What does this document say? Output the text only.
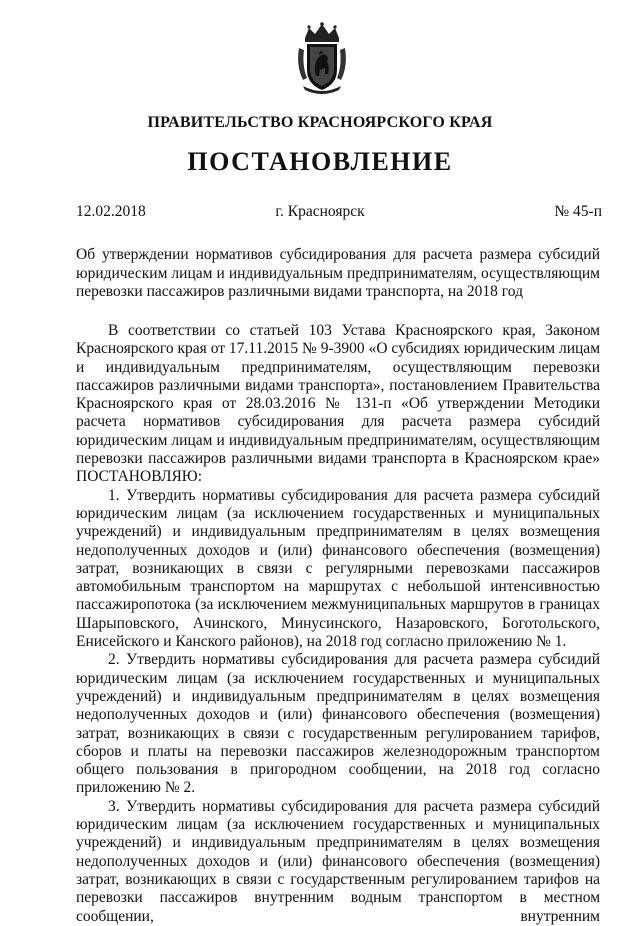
ПРАВИТЕЛЬСТВО КРАСНОЯРСКОГО КРАЯ
ПОСТАНОВЛЕНИЕ
12.02.2018	г. Красноярск	№ 45-п
Об утверждении нормативов субсидирования для расчета размера субсидий юридическим лицам и индивидуальным предпринимателям, осуществляющим перевозки пассажиров различными видами транспорта, на 2018 год

В соответствии со статьей 103 Устава Красноярского края, Законом Красноярского края от 17.11.2015 № 9-3900 «О субсидиях юридическим лицам и индивидуальным предпринимателям, осуществляющим перевозки пассажиров различными видами транспорта», постановлением Правительства Красноярского края от 28.03.2016 № 131-п «Об утверждении Методики расчета нормативов субсидирования для расчета размера субсидий юридическим лицам и индивидуальным предпринимателям, осуществляющим перевозки пассажиров различными видами транспорта в Красноярском крае» ПОСТАНОВЛЯЮ:

1. Утвердить нормативы субсидирования для расчета размера субсидий юридическим лицам (за исключением государственных и муниципальных учреждений) и индивидуальным предпринимателям в целях возмещения недополученных доходов и (или) финансового обеспечения (возмещения) затрат, возникающих в связи с регулярными перевозками пассажиров автомобильным транспортом на маршрутах с небольшой интенсивностью пассажиропотока (за исключением межмуниципальных маршрутов в границах Шарыповского, Ачинского, Минусинского, Назаровского, Боготольского, Енисейского и Канского районов), на 2018 год согласно приложению № 1.

2. Утвердить нормативы субсидирования для расчета размера субсидий юридическим лицам (за исключением государственных и муниципальных учреждений) и индивидуальным предпринимателям в целях возмещения недополученных доходов и (или) финансового обеспечения (возмещения) затрат, возникающих в связи с государственным регулированием тарифов, сборов и платы на перевозки пассажиров железнодорожным транспортом общего пользования в пригородном сообщении, на 2018 год согласно приложению № 2.

3. Утвердить нормативы субсидирования для расчета размера субсидий юридическим лицам (за исключением государственных и муниципальных учреждений) и индивидуальным предпринимателям в целях возмещения недополученных доходов и (или) финансового обеспечения (возмещения) затрат, возникающих в связи с государственным регулированием тарифов на перевозки пассажиров внутренним водным транспортом в местном сообщении, внутренним
